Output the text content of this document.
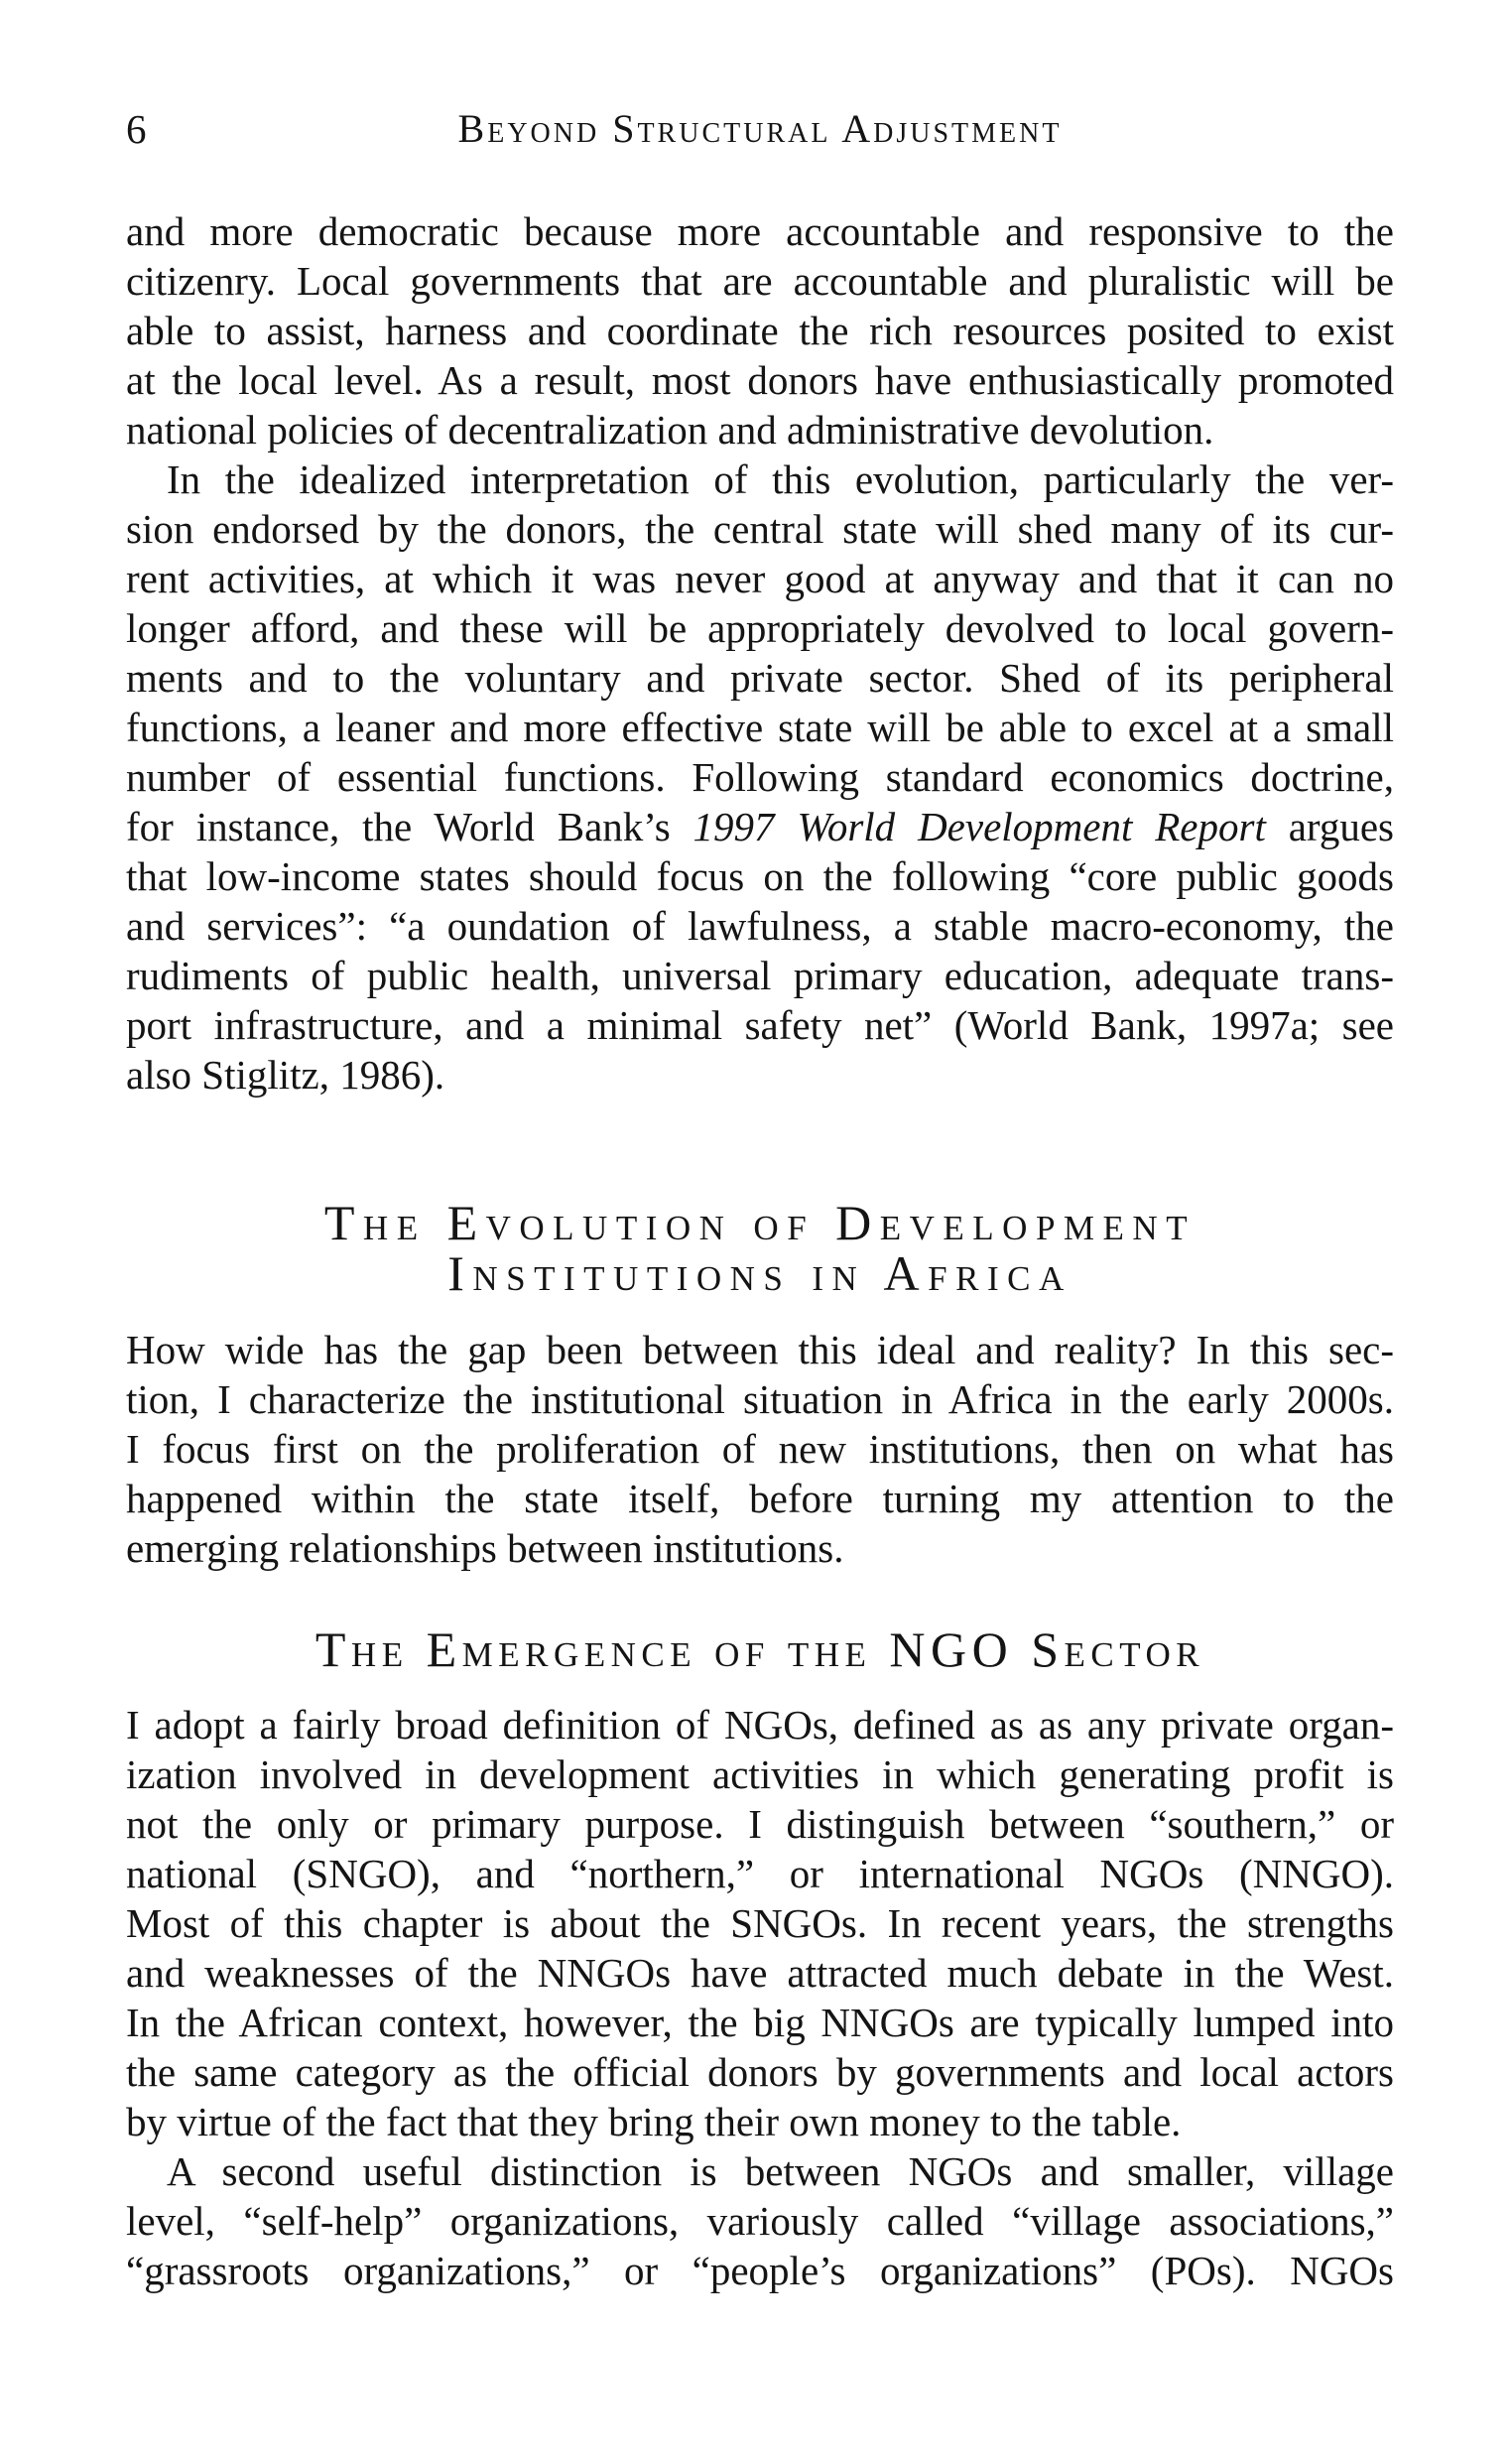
6	Beyond Structural Adjustment
and more democratic because more accountable and responsive to the
citizenry. Local governments that are accountable and pluralistic will be
able to assist, harness and coordinate the rich resources posited to exist
at the local level. As a result, most donors have enthusiastically promoted
national policies of decentralization and administrative devolution.
In the idealized interpretation of this evolution, particularly the ver-
sion endorsed by the donors, the central state will shed many of its cur-
rent activities, at which it was never good at anyway and that it can no
longer afford, and these will be appropriately devolved to local govern-
ments and to the voluntary and private sector. Shed of its peripheral
functions, a leaner and more effective state will be able to excel at a small
number of essential functions. Following standard economics doctrine,
for instance, the World Bank’s 1997 World Development Report argues
that low-income states should focus on the following “core public goods
and services”: “a oundation of lawfulness, a stable macro-economy, the
rudiments of public health, universal primary education, adequate trans-
port infrastructure, and a minimal safety net” (World Bank, 1997a; see
also Stiglitz, 1986).
The Evolution of Development
Institutions in Africa
How wide has the gap been between this ideal and reality? In this sec-
tion, I characterize the institutional situation in Africa in the early 2000s.
I focus first on the proliferation of new institutions, then on what has
happened within the state itself, before turning my attention to the
emerging relationships between institutions.
The Emergence of the NGO Sector
I adopt a fairly broad definition of NGOs, defined as as any private organ-
ization involved in development activities in which generating profit is
not the only or primary purpose. I distinguish between “southern,” or
national (SNGO), and “northern,” or international NGOs (NNGO).
Most of this chapter is about the SNGOs. In recent years, the strengths
and weaknesses of the NNGOs have attracted much debate in the West.
In the African context, however, the big NNGOs are typically lumped into
the same category as the official donors by governments and local actors
by virtue of the fact that they bring their own money to the table.
A second useful distinction is between NGOs and smaller, village
level, “self-help” organizations, variously called “village associations,”
“grassroots organizations,” or “people’s organizations” (POs). NGOs
